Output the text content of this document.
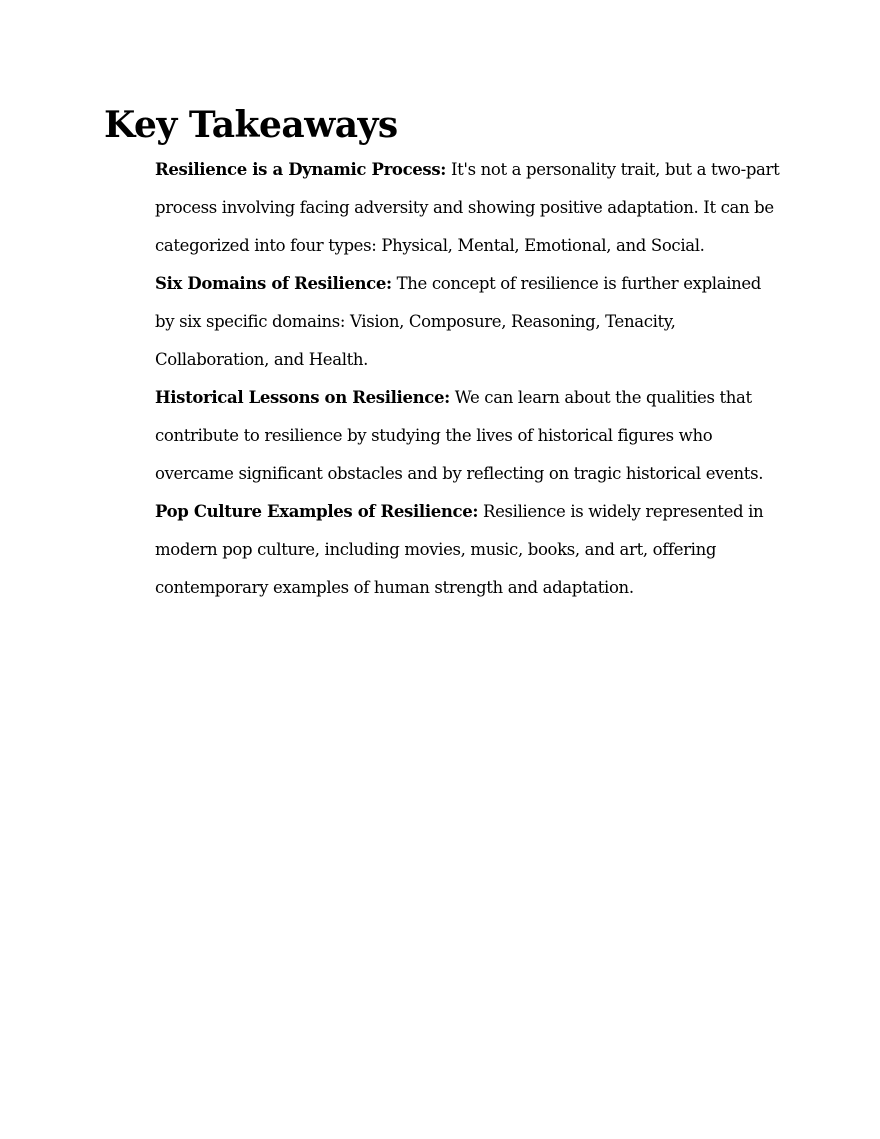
Key Takeaways
Resilience is a Dynamic Process: It's not a personality trait, but a two-part process involving facing adversity and showing positive adaptation. It can be categorized into four types: Physical, Mental, Emotional, and Social.
Six Domains of Resilience: The concept of resilience is further explained by six specific domains: Vision, Composure, Reasoning, Tenacity, Collaboration, and Health.
Historical Lessons on Resilience: We can learn about the qualities that contribute to resilience by studying the lives of historical figures who overcame significant obstacles and by reflecting on tragic historical events.
Pop Culture Examples of Resilience: Resilience is widely represented in modern pop culture, including movies, music, books, and art, offering contemporary examples of human strength and adaptation.
